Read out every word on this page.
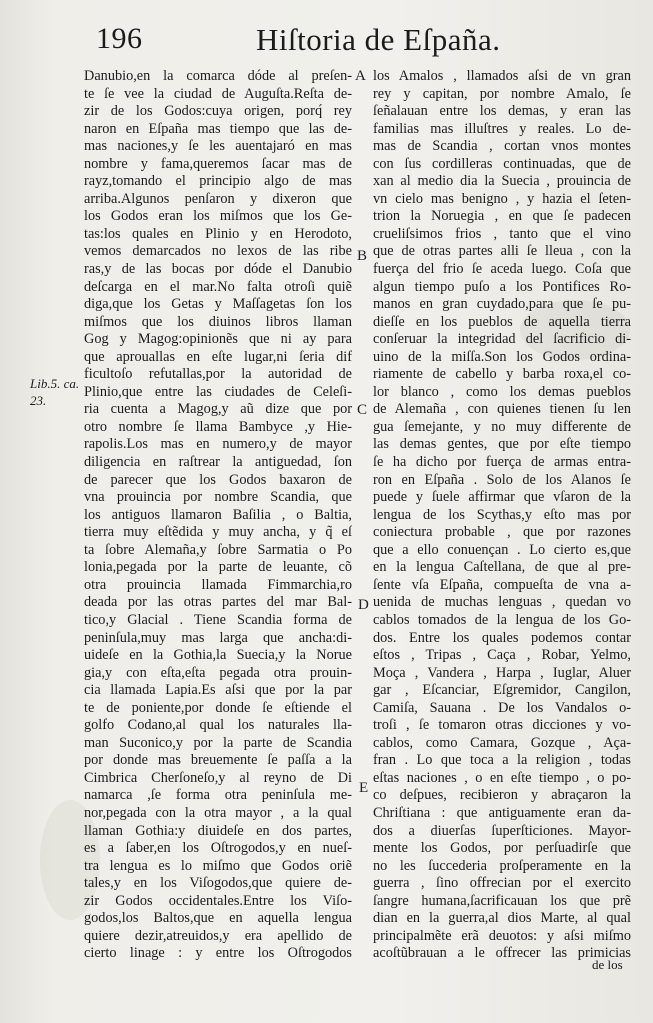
196	Hiſtoria de Eſpaña.
Danubio,en la comarca dóde al preſen-
te ſe vee la ciudad de Auguſta.Reſta de-
zir de los Godos:cuya origen, porq́ rey
naron en Eſpaña mas tiempo que las de-
mas naciones,y ſe les auentajaró en mas
nombre y fama,queremos ſacar mas de
rayz,tomando el principio algo de mas
arriba.Algunos penſaron y dixeron que
los Godos eran los miſmos que los Ge-
tas:los quales en Plinio y en Herodoto,
vemos demarcados no lexos de las ribe
ras,y de las bocas por dóde el Danubio
deſcarga en el mar.No falta otroſi quiẽ
diga,que los Getas y Maſſagetas ſon los
miſmos que los diuinos libros llaman
Gog y Magog:opinionẽs que ni ay para
que aprouallas en eſte lugar,ni ſeria dif
ficultoſo refutallas,por la autoridad de
Plinio,que entre las ciudades de Celeſi-
ria cuenta a Magog,y aũ dize que por
otro nombre ſe llama Bambyce ,y Hie-
rapolis.Los mas en numero,y de mayor
diligencia en raſtrear la antiguedad, ſon
de parecer que los Godos baxaron de
vna prouincia por nombre Scandia, que
los antiguos llamaron Baſilia , o Baltia,
tierra muy eſtẽdida y muy ancha, y q̃ eſ
ta ſobre Alemaña,y ſobre Sarmatia o Po
lonia,pegada por la parte de leuante, cõ
otra prouincia llamada Fimmarchia,ro
deada por las otras partes del mar Bal-
tico,y Glacial . Tiene Scandia forma de
peninſula,muy mas larga que ancha:di-
uideſe en la Gothia,la Suecia,y la Norue
gia,y con eſta,eſta pegada otra prouin-
cia llamada Lapia.Es aſsi que por la par
te de poniente,por donde ſe eſtiende el
golfo Codano,al qual los naturales lla-
man Suconico,y por la parte de Scandia
por donde mas breuemente ſe paſſa a la
Cimbrica Cherſoneſo,y al reyno de Di
namarca ,ſe forma otra peninſula me-
nor,pegada con la otra mayor , a la qual
llaman Gothia:y diuideſe en dos partes,
es a ſaber,en los Oſtrogodos,y en nueſ-
tra lengua es lo miſmo que Godos oriẽ
tales,y en los Viſogodos,que quiere de-
zir Godos occidentales.Entre los Viſo-
godos,los Baltos,que en aquella lengua
quiere dezir,atreuidos,y era apellido de
cierto linage : y entre los Oſtrogodos
los Amalos , llamados aſsi de vn gran
rey y capitan, por nombre Amalo, ſe
ſeñalauan entre los demas, y eran las
familias mas illuſtres y reales. Lo de-
mas de Scandia , cortan vnos montes
con ſus cordilleras continuadas, que de
xan al medio dia la Suecia , prouincia de
vn cielo mas benigno , y hazia el ſeten-
trion la Noruegia , en que ſe padecen
crueliſsimos frios , tanto que el vino
que de otras partes alli ſe lleua , con la
fuerça del frio ſe aceda luego. Coſa que
algun tiempo puſo a los Pontifices Ro-
manos en gran cuydado,para que ſe pu-
dieſſe en los pueblos de aquella tierra
conſeruar la integridad del ſacrificio di-
uino de la miſſa.Son los Godos ordina-
riamente de cabello y barba roxa,el co-
lor blanco , como los demas pueblos
de Alemaña , con quienes tienen ſu len
gua ſemejante, y no muy differente de
las demas gentes, que por eſte tiempo
ſe ha dicho por fuerça de armas entra-
ron en Eſpaña . Solo de los Alanos ſe
puede y ſuele affirmar que vſaron de la
lengua de los Scythas,y eſto mas por
coniectura probable , que por razones
que a ello conuençan . Lo cierto es,que
en la lengua Caſtellana, de que al pre-
ſente vſa Eſpaña, compueſta de vna a-
uenida de muchas lenguas , quedan vo
cablos tomados de la lengua de los Go-
dos. Entre los quales podemos contar
eſtos , Tripas , Caça , Robar, Yelmo,
Moça , Vandera , Harpa , Iuglar, Aluer
gar , Eſcanciar, Eſgremidor, Cangilon,
Camiſa, Sauana . De los Vandalos o-
troſi , ſe tomaron otras dicciones y vo-
cablos, como Camara, Gozque , Aça-
fran . Lo que toca a la religion , todas
eſtas naciones , o en eſte tiempo , o po-
co deſpues, recibieron y abraçaron la
Chriſtiana : que antiguamente eran da-
dos a diuerſas ſuperſticiones. Mayor-
mente los Godos, por perſuadirſe que
no les ſuccederia proſperamente en la
guerra , ſino offrecian por el exercito
ſangre humana,ſacrificauan los que prẽ
dian en la guerra,al dios Marte, al qual
principalmẽte erã deuotos: y aſsi miſmo
acoſtũbrauan a le offrecer las primicias
A
B
C
D
E
Lib.5. ca.
23.
de los
